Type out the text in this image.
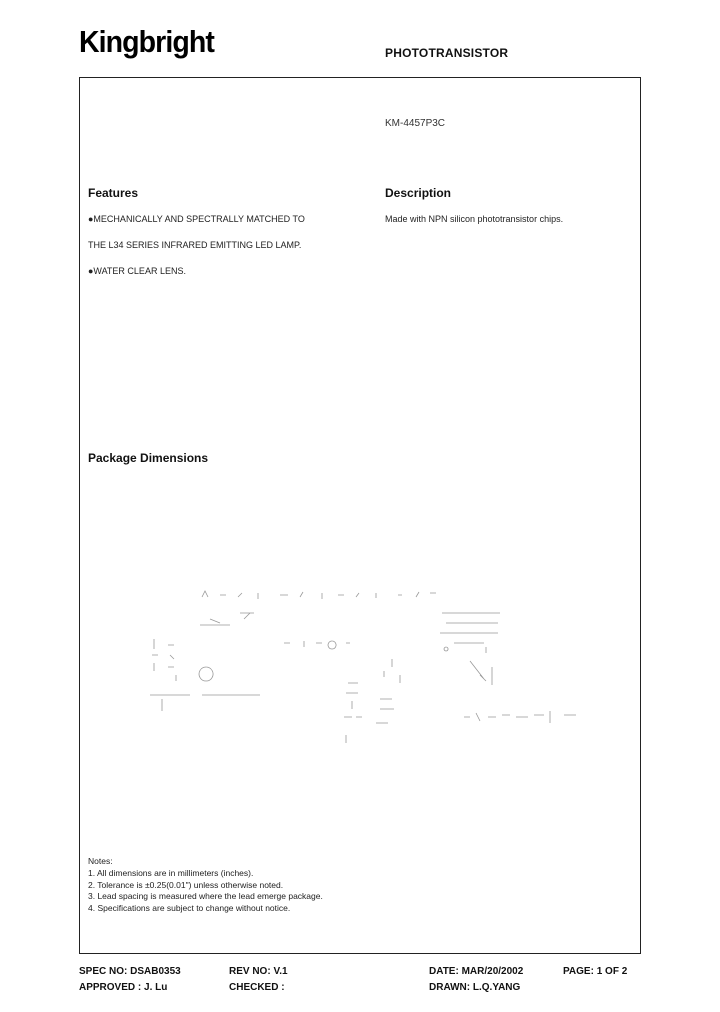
Kingbright	PHOTOTRANSISTOR
KM-4457P3C
Features
●MECHANICALLY AND SPECTRALLY MATCHED TO
THE L34 SERIES INFRARED EMITTING LED LAMP.
●WATER CLEAR LENS.
Description
Made with NPN silicon phototransistor chips.
Package Dimensions
Notes:
1. All dimensions are in millimeters (inches).
2. Tolerance is ±0.25(0.01") unless otherwise noted.
3. Lead spacing is measured where the lead emerge package.
4. Specifications are subject to change without notice.
SPEC NO: DSAB0353	REV NO: V.1	DATE: MAR/20/2002	PAGE: 1 OF 2
APPROVED : J. Lu	CHECKED :	DRAWN: L.Q.YANG
